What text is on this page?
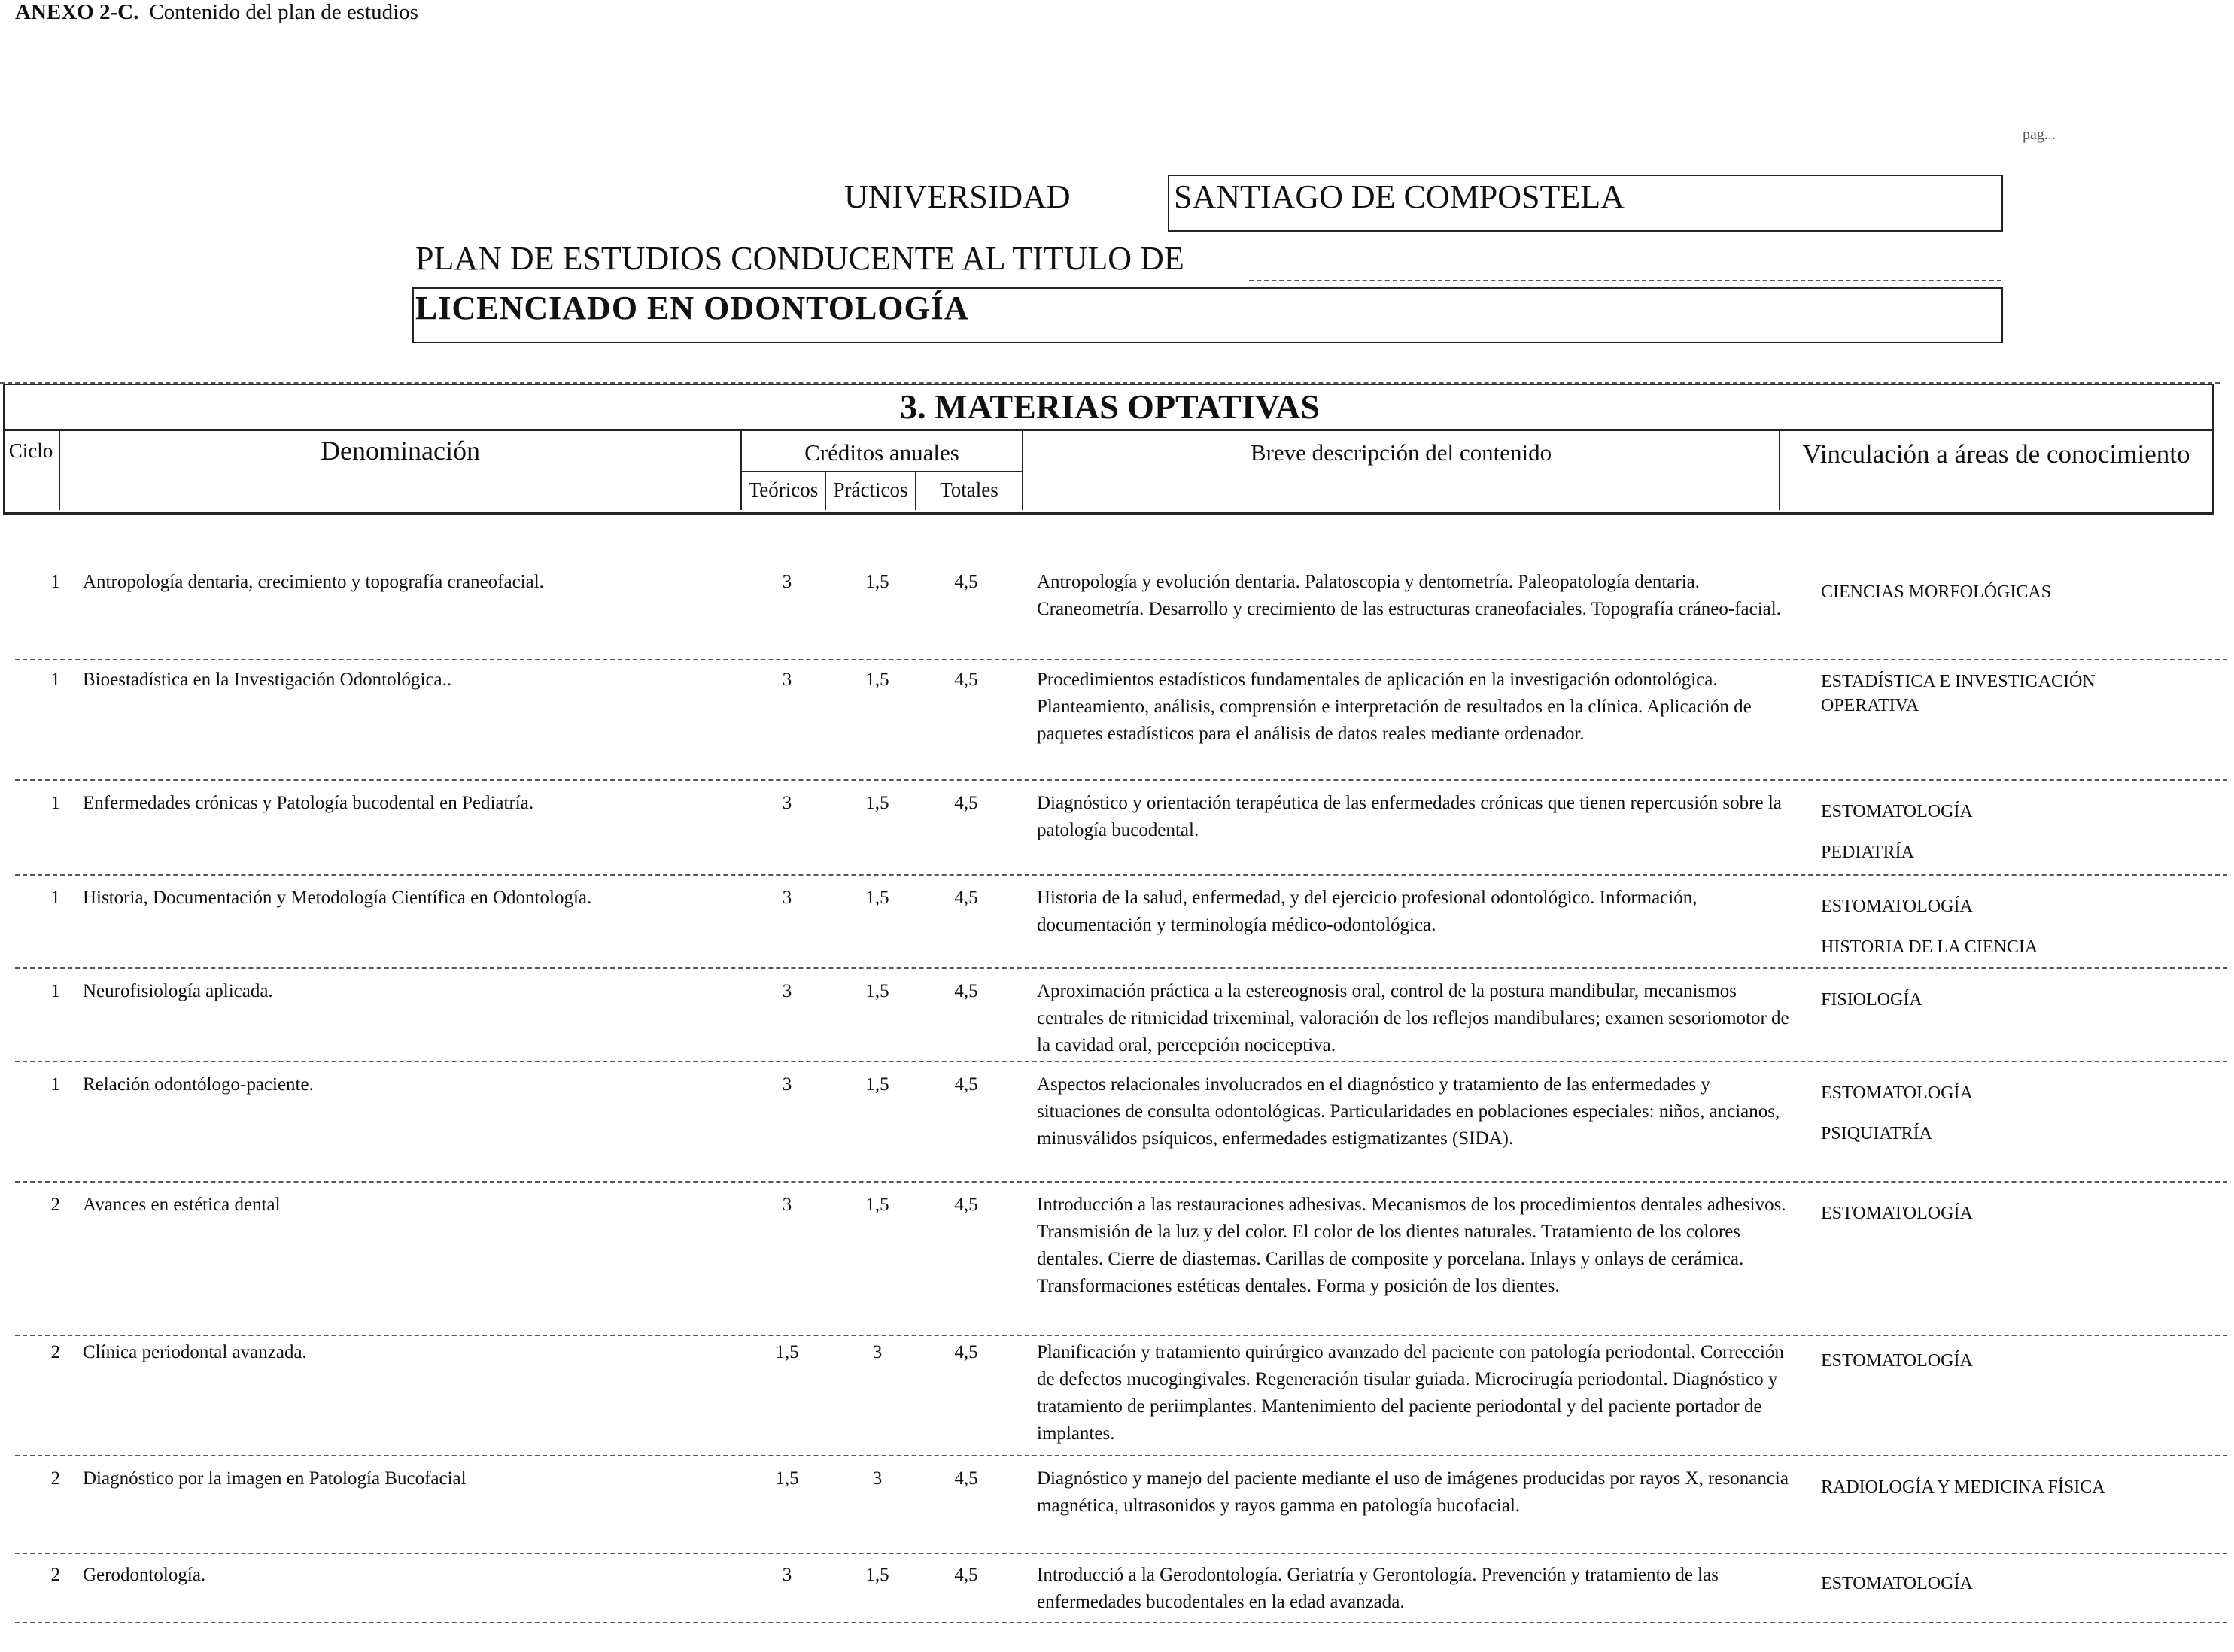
ANEXO 2-C. Contenido del plan de estudios
pag...
UNIVERSIDAD	SANTIAGO DE COMPOSTELA
PLAN DE ESTUDIOS CONDUCENTE AL TITULO DE
LICENCIADO EN ODONTOLOGÍA
3. MATERIAS OPTATIVAS
Ciclo	Denominación	Créditos anuales
Teóricos Prácticos	Totales
Breve descripción del contenido	Vinculación a áreas de conocimiento
1 Antropología dentaria, crecimiento y topografía craneofacial.	3	1,5	4,5	Antropología y evolución dentaria. Palatoscopia y dentometría. Paleopatología dentaria. Craneometría. Desarrollo y crecimiento de las estructuras craneofaciales. Topografía cráneo-facial.
CIENCIAS MORFOLÓGICAS
1 Bioestadística en la Investigación Odontológica..	3	1,5	4,5	Procedimientos estadísticos fundamentales de aplicación en la investigación odontológica. Planteamiento, análisis, comprensión e interpretación de resultados en la clínica. Aplicación de paquetes estadísticos para el análisis de datos reales mediante ordenador.
ESTADÍSTICA E INVESTIGACIÓN OPERATIVA
1 Enfermedades crónicas y Patología bucodental en Pediatría.	3	1,5	4,5	Diagnóstico y orientación terapéutica de las enfermedades crónicas que tienen repercusión sobre la patología bucodental.
ESTOMATOLOGÍA
PEDIATRÍA
1 Historia, Documentación y Metodología Científica en Odontología.	3	1,5	4,5	Historia de la salud, enfermedad, y del ejercicio profesional odontológico. Información, documentación y terminología médico-odontológica.
ESTOMATOLOGÍA
HISTORIA DE LA CIENCIA
1 Neurofisiología aplicada.	3	1,5	4,5	Aproximación práctica a la estereognosis oral, control de la postura mandibular, mecanismos centrales de ritmicidad trixeminal, valoración de los reflejos mandibulares; examen sesoriomotor de la cavidad oral, percepción nociceptiva.
FISIOLOGÍA
1 Relación odontólogo-paciente.	3	1,5	4,5	Aspectos relacionales involucrados en el diagnóstico y tratamiento de las enfermedades y situaciones de consulta odontológicas. Particularidades en poblaciones especiales: niños, ancianos, minusválidos psíquicos, enfermedades estigmatizantes (SIDA).
ESTOMATOLOGÍA
PSIQUIATRÍA
2 Avances en estética dental	3	1,5	4,5	Introducción a las restauraciones adhesivas. Mecanismos de los procedimientos dentales adhesivos. Transmisión de la luz y del color. El color de los dientes naturales. Tratamiento de los colores dentales. Cierre de diastemas. Carillas de composite y porcelana. Inlays y onlays de cerámica. Transformaciones estéticas dentales. Forma y posición de los dientes.
ESTOMATOLOGÍA
2 Clínica periodontal avanzada.	1,5	3	4,5	Planificación y tratamiento quirúrgico avanzado del paciente con patología periodontal. Corrección de defectos mucogingivales. Regeneración tisular guiada. Microcirugía periodontal. Diagnóstico y tratamiento de periimplantes. Mantenimiento del paciente periodontal y del paciente portador de implantes.
ESTOMATOLOGÍA
2 Diagnóstico por la imagen en Patología Bucofacial	1,5	3	4,5	Diagnóstico y manejo del paciente mediante el uso de imágenes producidas por rayos X, resonancia magnética, ultrasonidos y rayos gamma en patología bucofacial.
RADIOLOGÍA Y MEDICINA FÍSICA
2 Gerodontología.	3	1,5	4,5	Introducció a la Gerodontología. Geriatría y Gerontología. Prevención y tratamiento de las enfermedades bucodentales en la edad avanzada.
ESTOMATOLOGÍA
